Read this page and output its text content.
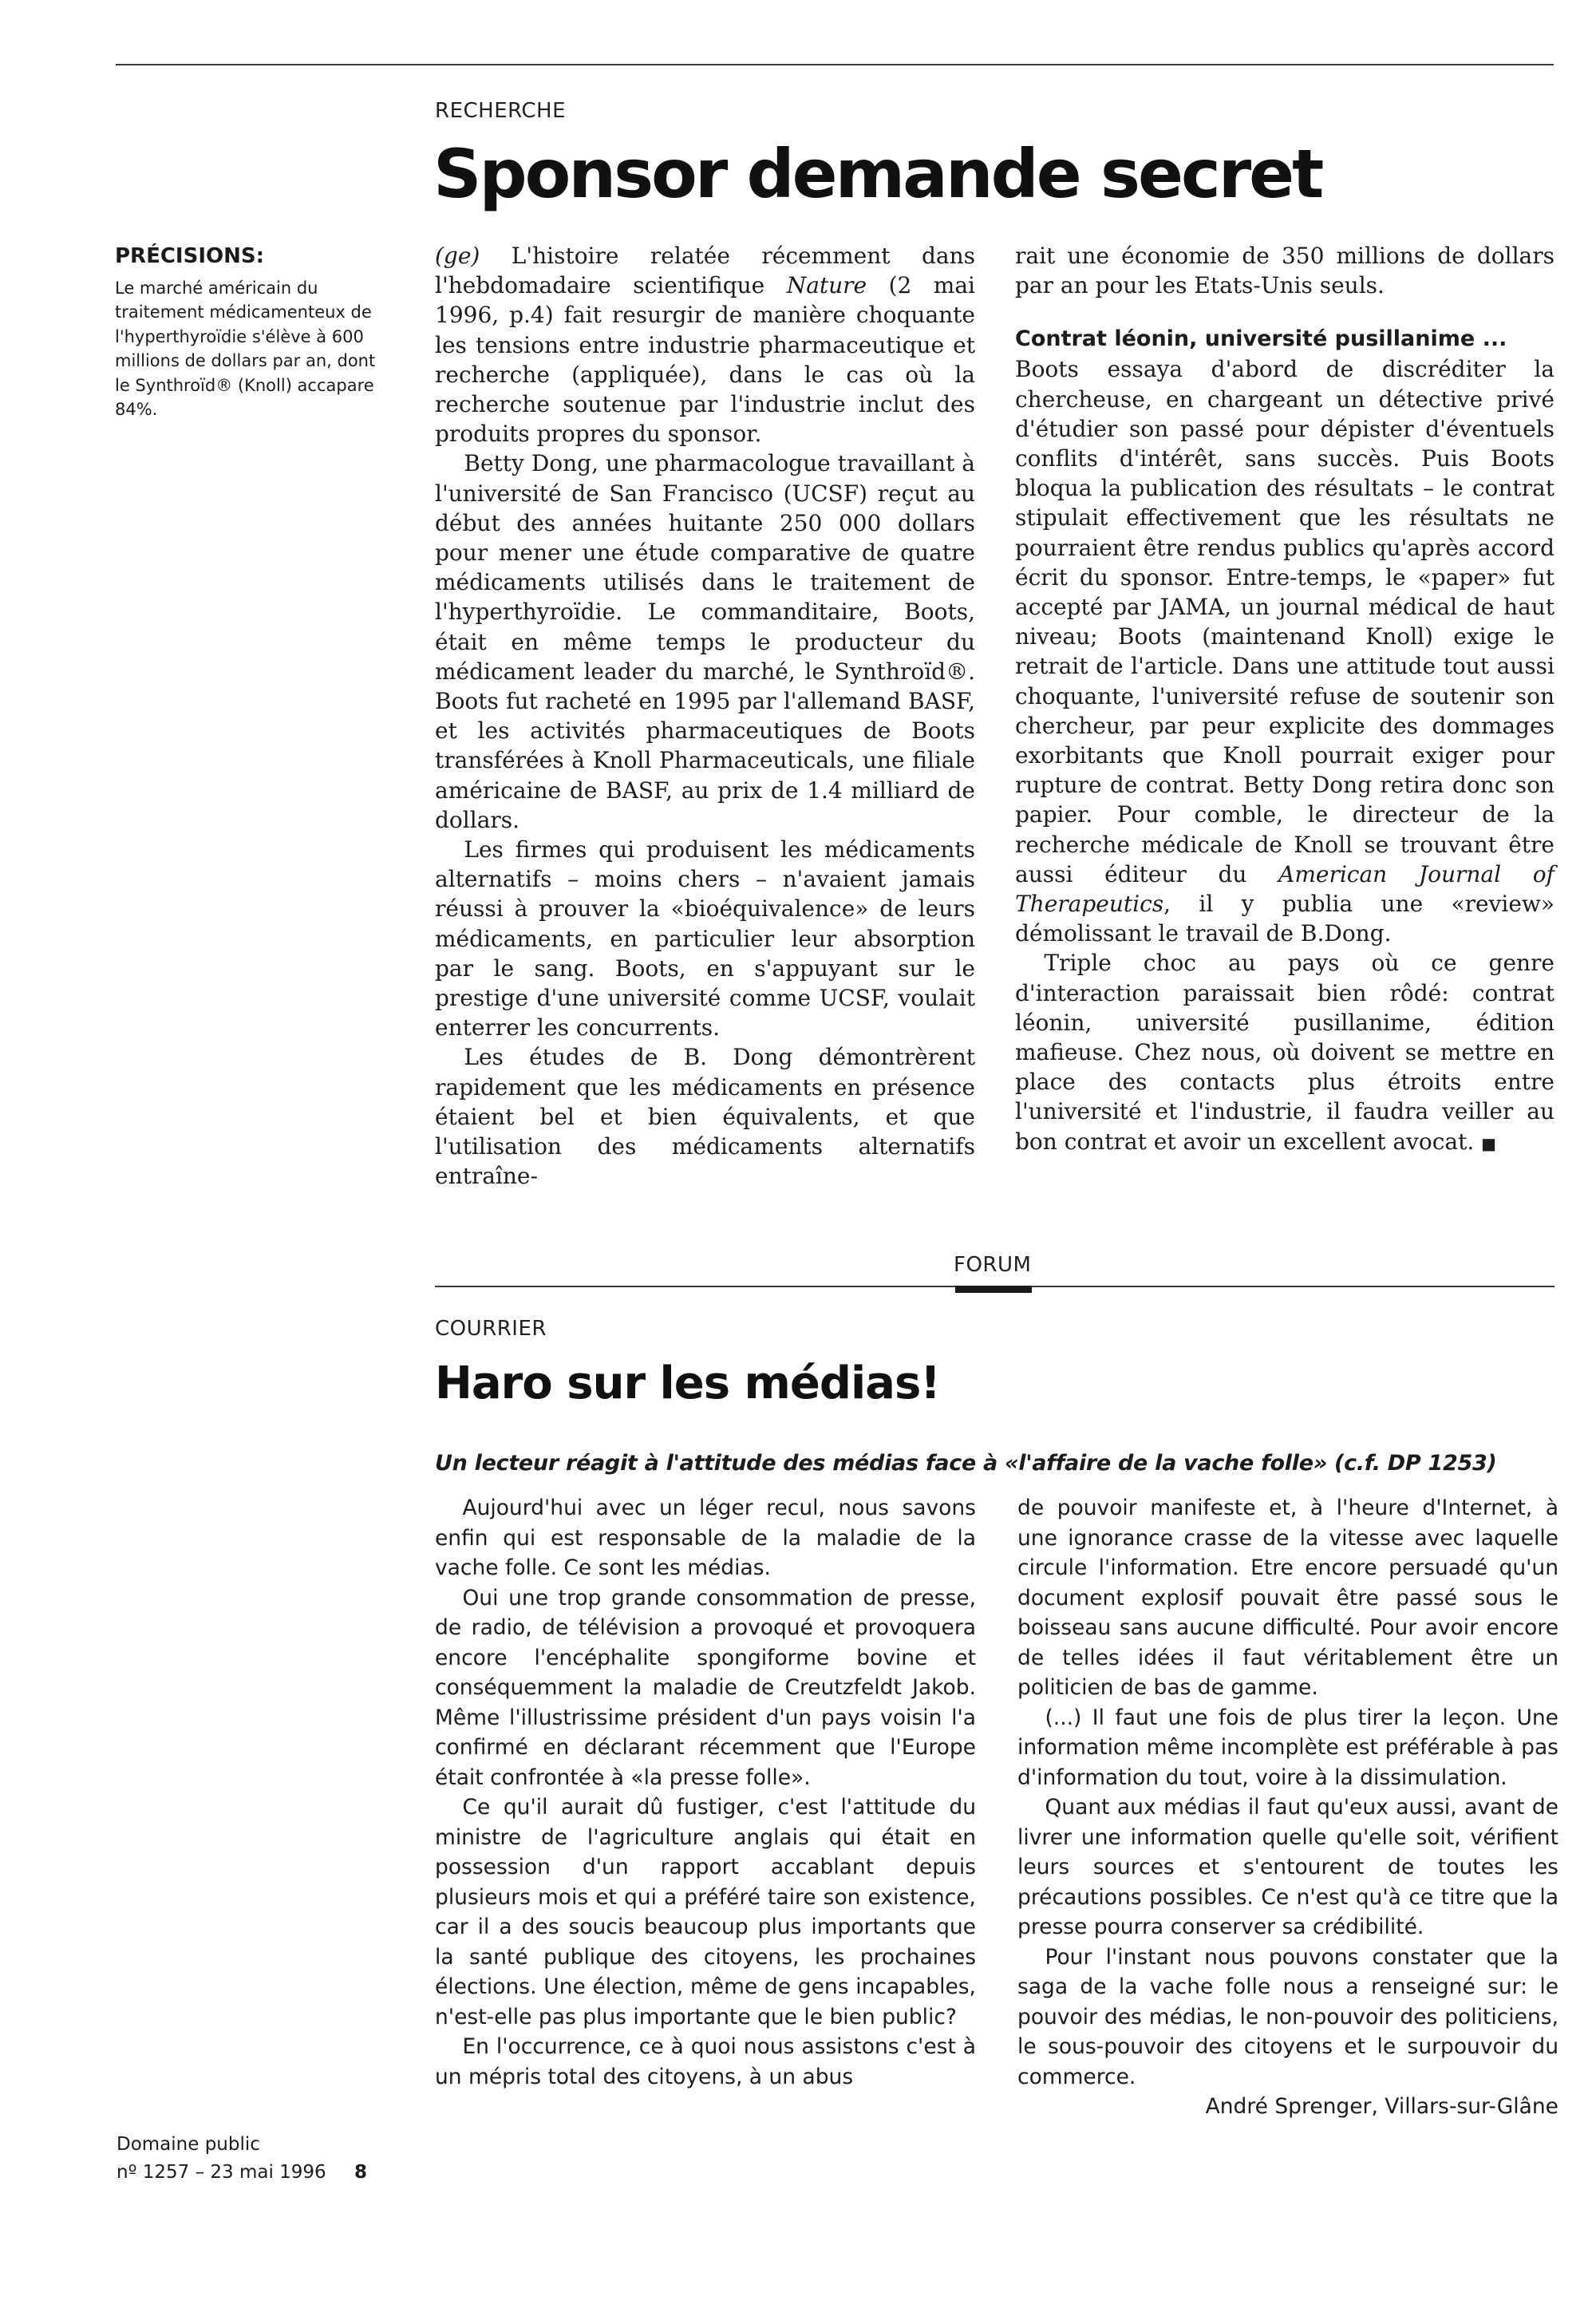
RECHERCHE
Sponsor demande secret
PRÉCISIONS:
Le marché américain du traitement médicamenteux de l'hyperthyroïdie s'élève à 600 millions de dollars par an, dont le Synthroïd® (Knoll) accapare 84%.

(ge) L'histoire relatée récemment dans l'hebdomadaire scientifique Nature (2 mai 1996, p.4) fait resurgir de manière choquante les tensions entre industrie pharmaceutique et recherche (appliquée), dans le cas où la recherche soutenue par l'industrie inclut des produits propres du sponsor.

Betty Dong, une pharmacologue travaillant à l'université de San Francisco (UCSF) reçut au début des années huitante 250 000 dollars pour mener une étude comparative de quatre médicaments utilisés dans le traitement de l'hyperthyroïdie. Le commanditaire, Boots, était en même temps le producteur du médicament leader du marché, le Synthroïd®. Boots fut racheté en 1995 par l'allemand BASF, et les activités pharmaceutiques de Boots transférées à Knoll Pharmaceuticals, une filiale américaine de BASF, au prix de 1.4 milliard de dollars.

Les firmes qui produisent les médicaments alternatifs – moins chers – n'avaient jamais réussi à prouver la «bioéquivalence» de leurs médicaments, en particulier leur absorption par le sang. Boots, en s'appuyant sur le prestige d'une université comme UCSF, voulait enterrer les concurrents.

Les études de B. Dong démontrèrent rapidement que les médicaments en présence étaient bel et bien équivalents, et que l'utilisation des médicaments alternatifs entraîne-

rait une économie de 350 millions de dollars par an pour les Etats-Unis seuls.

Contrat léonin, université pusillanime ...

Boots essaya d'abord de discréditer la chercheuse, en chargeant un détective privé d'étudier son passé pour dépister d'éventuels conflits d'intérêt, sans succès. Puis Boots bloqua la publication des résultats – le contrat stipulait effectivement que les résultats ne pourraient être rendus publics qu'après accord écrit du sponsor. Entre-temps, le «paper» fut accepté par JAMA, un journal médical de haut niveau; Boots (maintenand Knoll) exige le retrait de l'article. Dans une attitude tout aussi choquante, l'université refuse de soutenir son chercheur, par peur explicite des dommages exorbitants que Knoll pourrait exiger pour rupture de contrat. Betty Dong retira donc son papier. Pour comble, le directeur de la recherche médicale de Knoll se trouvant être aussi éditeur du American Journal of Therapeutics, il y publia une «review» démolissant le travail de B.Dong.

Triple choc au pays où ce genre d'interaction paraissait bien rôdé: contrat léonin, université pusillanime, édition mafieuse. Chez nous, où doivent se mettre en place des contacts plus étroits entre l'université et l'industrie, il faudra veiller au bon contrat et avoir un excellent avocat. ■

FORUM
COURRIER
Haro sur les médias!
Un lecteur réagit à l'attitude des médias face à «l'affaire de la vache folle» (c.f. DP 1253)

Aujourd'hui avec un léger recul, nous savons enfin qui est responsable de la maladie de la vache folle. Ce sont les médias.

Oui une trop grande consommation de presse, de radio, de télévision a provoqué et provoquera encore l'encéphalite spongiforme bovine et conséquemment la maladie de Creutzfeldt Jakob. Même l'illustrissime président d'un pays voisin l'a confirmé en déclarant récemment que l'Europe était confrontée à «la presse folle».

Ce qu'il aurait dû fustiger, c'est l'attitude du ministre de l'agriculture anglais qui était en possession d'un rapport accablant depuis plusieurs mois et qui a préféré taire son existence, car il a des soucis beaucoup plus importants que la santé publique des citoyens, les prochaines élections. Une élection, même de gens incapables, n'est-elle pas plus importante que le bien public?

En l'occurrence, ce à quoi nous assistons c'est à un mépris total des citoyens, à un abus

de pouvoir manifeste et, à l'heure d'Internet, à une ignorance crasse de la vitesse avec laquelle circule l'information. Etre encore persuadé qu'un document explosif pouvait être passé sous le boisseau sans aucune difficulté. Pour avoir encore de telles idées il faut véritablement être un politicien de bas de gamme.

(...) Il faut une fois de plus tirer la leçon. Une information même incomplète est préférable à pas d'information du tout, voire à la dissimulation.

Quant aux médias il faut qu'eux aussi, avant de livrer une information quelle qu'elle soit, vérifient leurs sources et s'entourent de toutes les précautions possibles. Ce n'est qu'à ce titre que la presse pourra conserver sa crédibilité.

Pour l'instant nous pouvons constater que la saga de la vache folle nous a renseigné sur: le pouvoir des médias, le non-pouvoir des politiciens, le sous-pouvoir des citoyens et le surpouvoir du commerce.

André Sprenger, Villars-sur-Glâne
Domaine public
nº 1257 – 23 mai 1996 8
